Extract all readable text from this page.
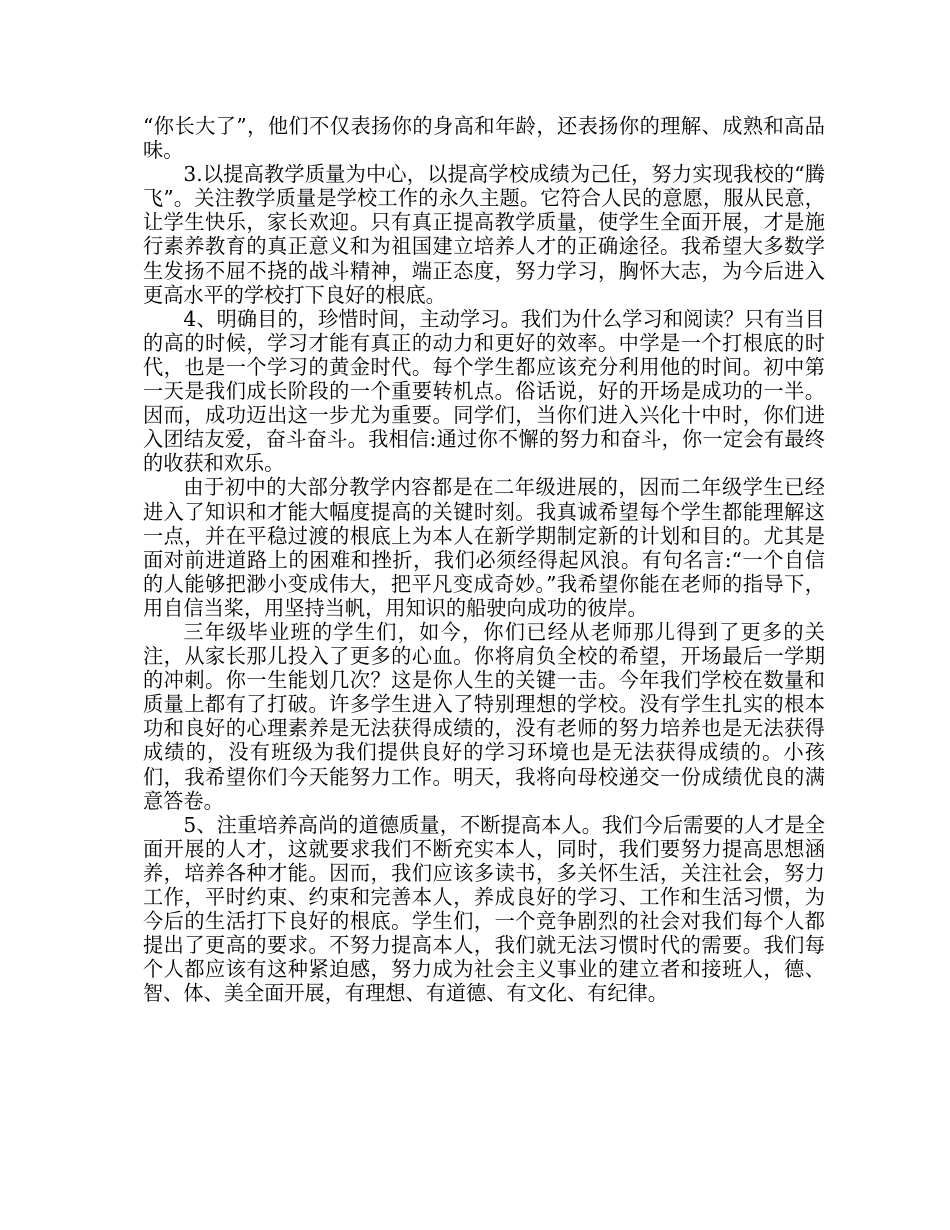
“你长大了”，他们不仅表扬你的身高和年龄，还表扬你的理解、成熟和高品味。

3.以提高教学质量为中心，以提高学校成绩为己任，努力实现我校的“腾飞”。关注教学质量是学校工作的永久主题。它符合人民的意愿，服从民意，让学生快乐，家长欢迎。只有真正提高教学质量，使学生全面开展，才是施行素养教育的真正意义和为祖国建立培养人才的正确途径。我希望大多数学生发扬不屈不挠的战斗精神，端正态度，努力学习，胸怀大志，为今后进入更高水平的学校打下良好的根底。

4、明确目的，珍惜时间，主动学习。我们为什么学习和阅读？只有当目的高的时候，学习才能有真正的动力和更好的效率。中学是一个打根底的时代，也是一个学习的黄金时代。每个学生都应该充分利用他的时间。初中第一天是我们成长阶段的一个重要转机点。俗话说，好的开场是成功的一半。因而，成功迈出这一步尤为重要。同学们，当你们进入兴化十中时，你们进入团结友爱，奋斗奋斗。我相信:通过你不懈的努力和奋斗，你一定会有最终的收获和欢乐。

由于初中的大部分教学内容都是在二年级进展的，因而二年级学生已经进入了知识和才能大幅度提高的关键时刻。我真诚希望每个学生都能理解这一点，并在平稳过渡的根底上为本人在新学期制定新的计划和目的。尤其是面对前进道路上的困难和挫折，我们必须经得起风浪。有句名言:“一个自信的人能够把渺小变成伟大，把平凡变成奇妙。”我希望你能在老师的指导下，用自信当桨，用坚持当帆，用知识的船驶向成功的彼岸。

三年级毕业班的学生们，如今，你们已经从老师那儿得到了更多的关注，从家长那儿投入了更多的心血。你将肩负全校的希望，开场最后一学期的冲刺。你一生能划几次？这是你人生的关键一击。今年我们学校在数量和质量上都有了打破。许多学生进入了特别理想的学校。没有学生扎实的根本功和良好的心理素养是无法获得成绩的，没有老师的努力培养也是无法获得成绩的，没有班级为我们提供良好的学习环境也是无法获得成绩的。小孩们，我希望你们今天能努力工作。明天，我将向母校递交一份成绩优良的满意答卷。

5、注重培养高尚的道德质量，不断提高本人。我们今后需要的人才是全面开展的人才，这就要求我们不断充实本人，同时，我们要努力提高思想涵养，培养各种才能。因而，我们应该多读书，多关怀生活，关注社会，努力工作，平时约束、约束和完善本人，养成良好的学习、工作和生活习惯，为今后的生活打下良好的根底。学生们，一个竞争剧烈的社会对我们每个人都提出了更高的要求。不努力提高本人，我们就无法习惯时代的需要。我们每个人都应该有这种紧迫感，努力成为社会主义事业的建立者和接班人，德、智、体、美全面开展，有理想、有道德、有文化、有纪律。
